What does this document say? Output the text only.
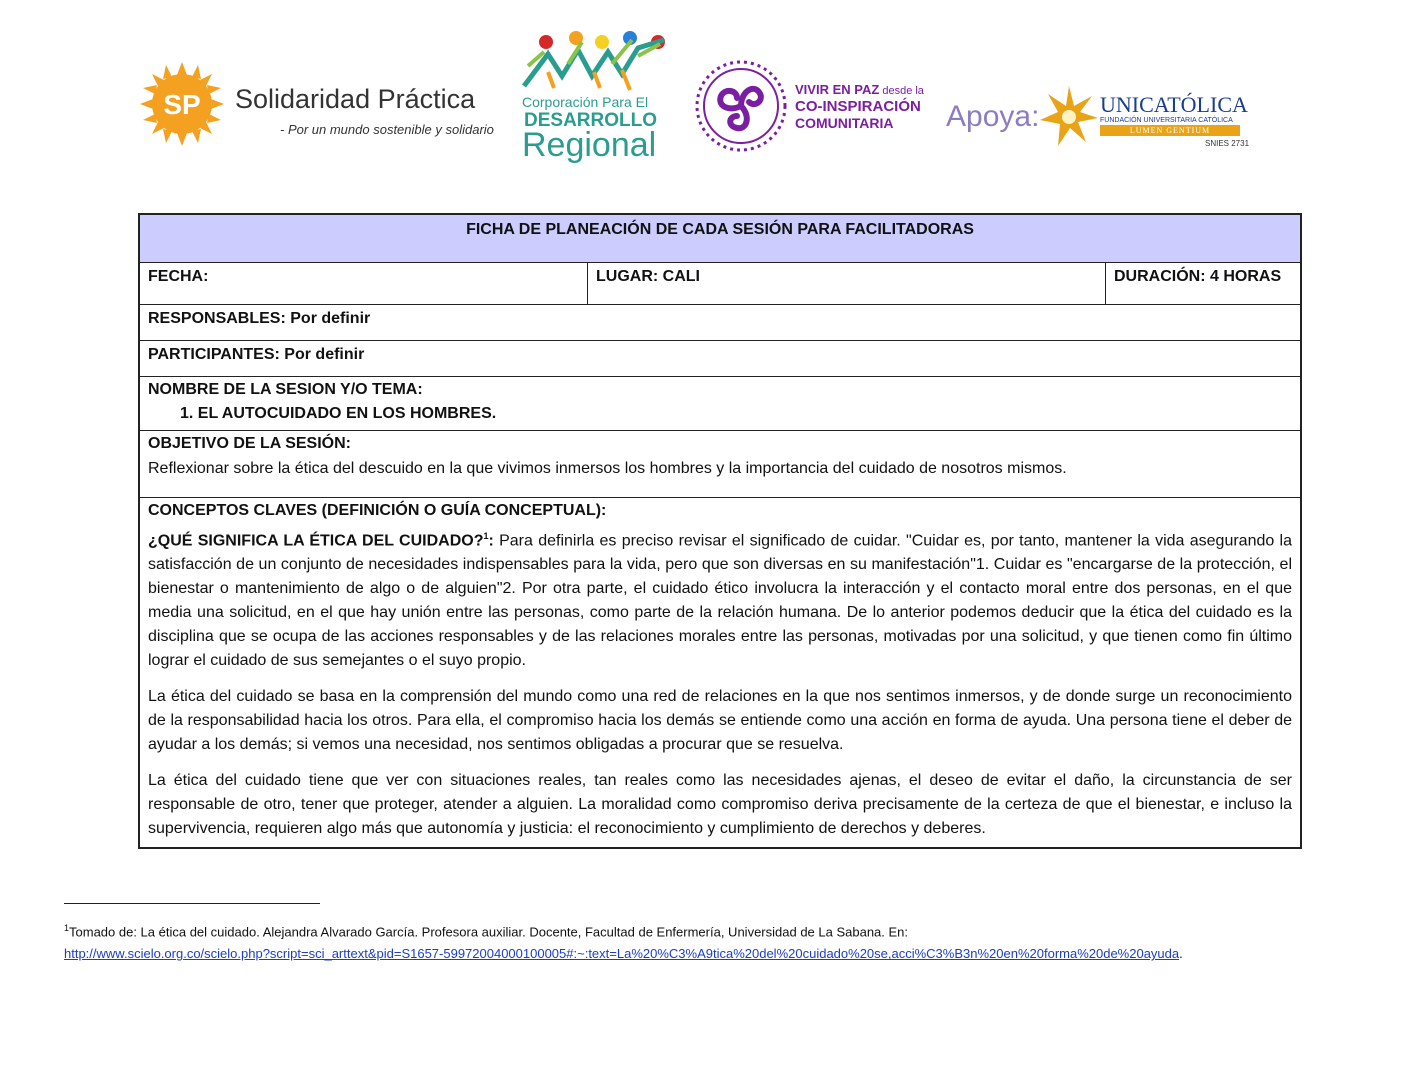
SP Solidaridad Práctica
- Por un mundo sostenible y solidario
Corporación Para El
DESARROLLO
Regional
VIVIR EN PAZ desde la
CO-INSPIRACIÓN
COMUNITARIA Apoya:	UNICATÓLICA
FUNDACIÓN UNIVERSITARIA CATÓLICA
LUMEN GENTIUM
SNIES 2731
FICHA DE PLANEACIÓN DE CADA SESIÓN PARA FACILITADORAS
FECHA:	LUGAR: CALI	DURACIÓN: 4 HORAS
RESPONSABLES: Por definir
PARTICIPANTES: Por definir
NOMBRE DE LA SESION Y/O TEMA:
1. EL AUTOCUIDADO EN LOS HOMBRES.
OBJETIVO DE LA SESIÓN:
Reflexionar sobre la ética del descuido en la que vivimos inmersos los hombres y la importancia del cuidado de nosotros mismos.
CONCEPTOS CLAVES (DEFINICIÓN O GUÍA CONCEPTUAL):

¿QUÉ SIGNIFICA LA ÉTICA DEL CUIDADO?$^1$: Para definirla es preciso revisar el significado de cuidar. "Cuidar es, por tanto, mantener la vida asegurando la satisfacción de un conjunto de necesidades indispensables para la vida, pero que son diversas en su manifestación"1. Cuidar es "encargarse de la protección, el bienestar o mantenimiento de algo o de alguien"2. Por otra parte, el cuidado ético involucra la interacción y el contacto moral entre dos personas, en el que media una solicitud, en el que hay unión entre las personas, como parte de la relación humana. De lo anterior podemos deducir que la ética del cuidado es la disciplina que se ocupa de las acciones responsables y de las relaciones morales entre las personas, motivadas por una solicitud, y que tienen como fin último lograr el cuidado de sus semejantes o el suyo propio.

La ética del cuidado se basa en la comprensión del mundo como una red de relaciones en la que nos sentimos inmersos, y de donde surge un reconocimiento de la responsabilidad hacia los otros. Para ella, el compromiso hacia los demás se entiende como una acción en forma de ayuda. Una persona tiene el deber de ayudar a los demás; si vemos una necesidad, nos sentimos obligadas a procurar que se resuelva.

La ética del cuidado tiene que ver con situaciones reales, tan reales como las necesidades ajenas, el deseo de evitar el daño, la circunstancia de ser responsable de otro, tener que proteger, atender a alguien. La moralidad como compromiso deriva precisamente de la certeza de que el bienestar, e incluso la supervivencia, requieren algo más que autonomía y justicia: el reconocimiento y cumplimiento de derechos y deberes.

$^1$Tomado de: La ética del cuidado. Alejandra Alvarado García. Profesora auxiliar. Docente, Facultad de Enfermería, Universidad de La Sabana. En:
http://www.scielo.org.co/scielo.php?script=sci_arttext&pid=S1657-59972004000100005#:~:text=La%20%C3%A9tica%20del%20cuidado%20se,acci%C3%B3n%20en%20forma%20de%20ayuda.
